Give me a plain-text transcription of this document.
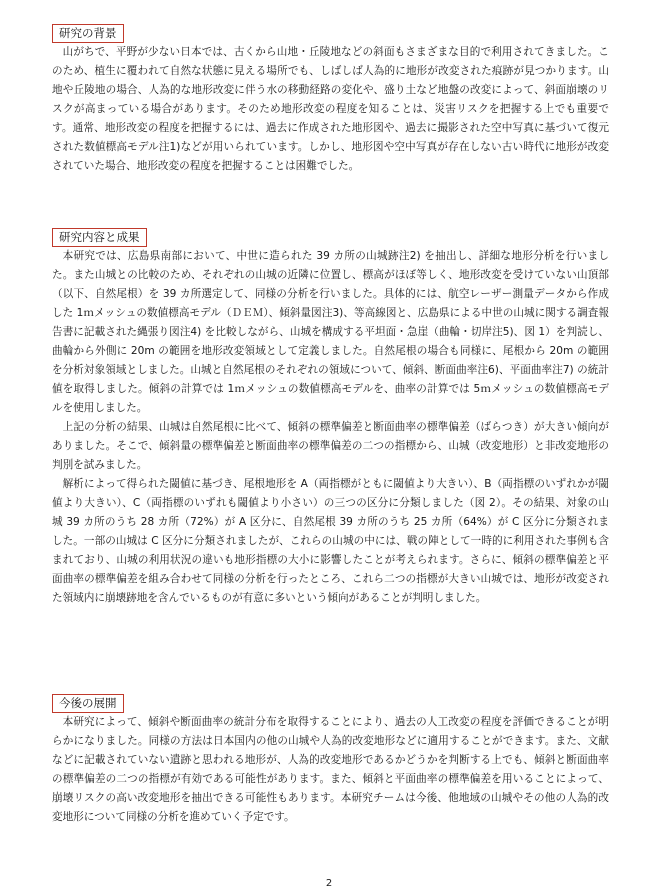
研究の背景

山がちで、平野が少ない日本では、古くから山地・丘陵地などの斜面もさまざまな目的で利用されてきました。このため、植生に覆われて自然な状態に見える場所でも、しばしば人為的に地形が改変された痕跡が見つかります。山地や丘陵地の場合、人為的な地形改変に伴う水の移動経路の変化や、盛り土など地盤の改変によって、斜面崩壊のリスクが高まっている場合があります。そのため地形改変の程度を知ることは、災害リスクを把握する上でも重要です。通常、地形改変の程度を把握するには、過去に作成された地形図や、過去に撮影された空中写真に基づいて復元された数値標高モデル注1)などが用いられています。しかし、地形図や空中写真が存在しない古い時代に地形が改変されていた場合、地形改変の程度を把握することは困難でした。

研究内容と成果

本研究では、広島県南部において、中世に造られた 39 カ所の山城跡注2) を抽出し、詳細な地形分析を行いました。また山城との比較のため、それぞれの山城の近隣に位置し、標高がほぼ等しく、地形改変を受けていない山頂部（以下、自然尾根）を 39 カ所選定して、同様の分析を行いました。具体的には、航空レーザー測量データから作成した 1ｍメッシュの数値標高モデル（ＤＥＭ）、傾斜量図注3)、等高線図と、広島県による中世の山城に関する調査報告書に記載された縄張り図注4) を比較しながら、山城を構成する平坦面・急崖（曲輪・切岸注5)、図 1）を判読し、曲輪から外側に 20m の範囲を地形改変領域として定義しました。自然尾根の場合も同様に、尾根から 20m の範囲を分析対象領域としました。山城と自然尾根のそれぞれの領域について、傾斜、断面曲率注6)、平面曲率注7) の統計値を取得しました。傾斜の計算では 1ｍメッシュの数値標高モデルを、曲率の計算では 5ｍメッシュの数値標高モデルを使用しました。

上記の分析の結果、山城は自然尾根に比べて、傾斜の標準偏差と断面曲率の標準偏差（ばらつき）が大きい傾向がありました。そこで、傾斜量の標準偏差と断面曲率の標準偏差の二つの指標から、山城（改変地形）と非改変地形の判別を試みました。

解析によって得られた閾値に基づき、尾根地形を A（両指標がともに閾値より大きい）、B（両指標のいずれかが閾値より大きい）、C（両指標のいずれも閾値より小さい）の三つの区分に分類しました（図 2）。その結果、対象の山城 39 カ所のうち 28 カ所（72%）が A 区分に、自然尾根 39 カ所のうち 25 カ所（64%）が C 区分に分類されました。一部の山城は C 区分に分類されましたが、これらの山城の中には、戦の陣として一時的に利用された事例も含まれており、山城の利用状況の違いも地形指標の大小に影響したことが考えられます。さらに、傾斜の標準偏差と平面曲率の標準偏差を組み合わせて同様の分析を行ったところ、これら二つの指標が大きい山城では、地形が改変された領域内に崩壊跡地を含んでいるものが有意に多いという傾向があることが判明しました。

今後の展開

本研究によって、傾斜や断面曲率の統計分布を取得することにより、過去の人工改変の程度を評価できることが明らかになりました。同様の方法は日本国内の他の山城や人為的改変地形などに適用することができます。また、文献などに記載されていない遺跡と思われる地形が、人為的改変地形であるかどうかを判断する上でも、傾斜と断面曲率の標準偏差の二つの指標が有効である可能性があります。また、傾斜と平面曲率の標準偏差を用いることによって、崩壊リスクの高い改変地形を抽出できる可能性もあります。本研究チームは今後、他地域の山城やその他の人為的改変地形について同様の分析を進めていく予定です。

2
